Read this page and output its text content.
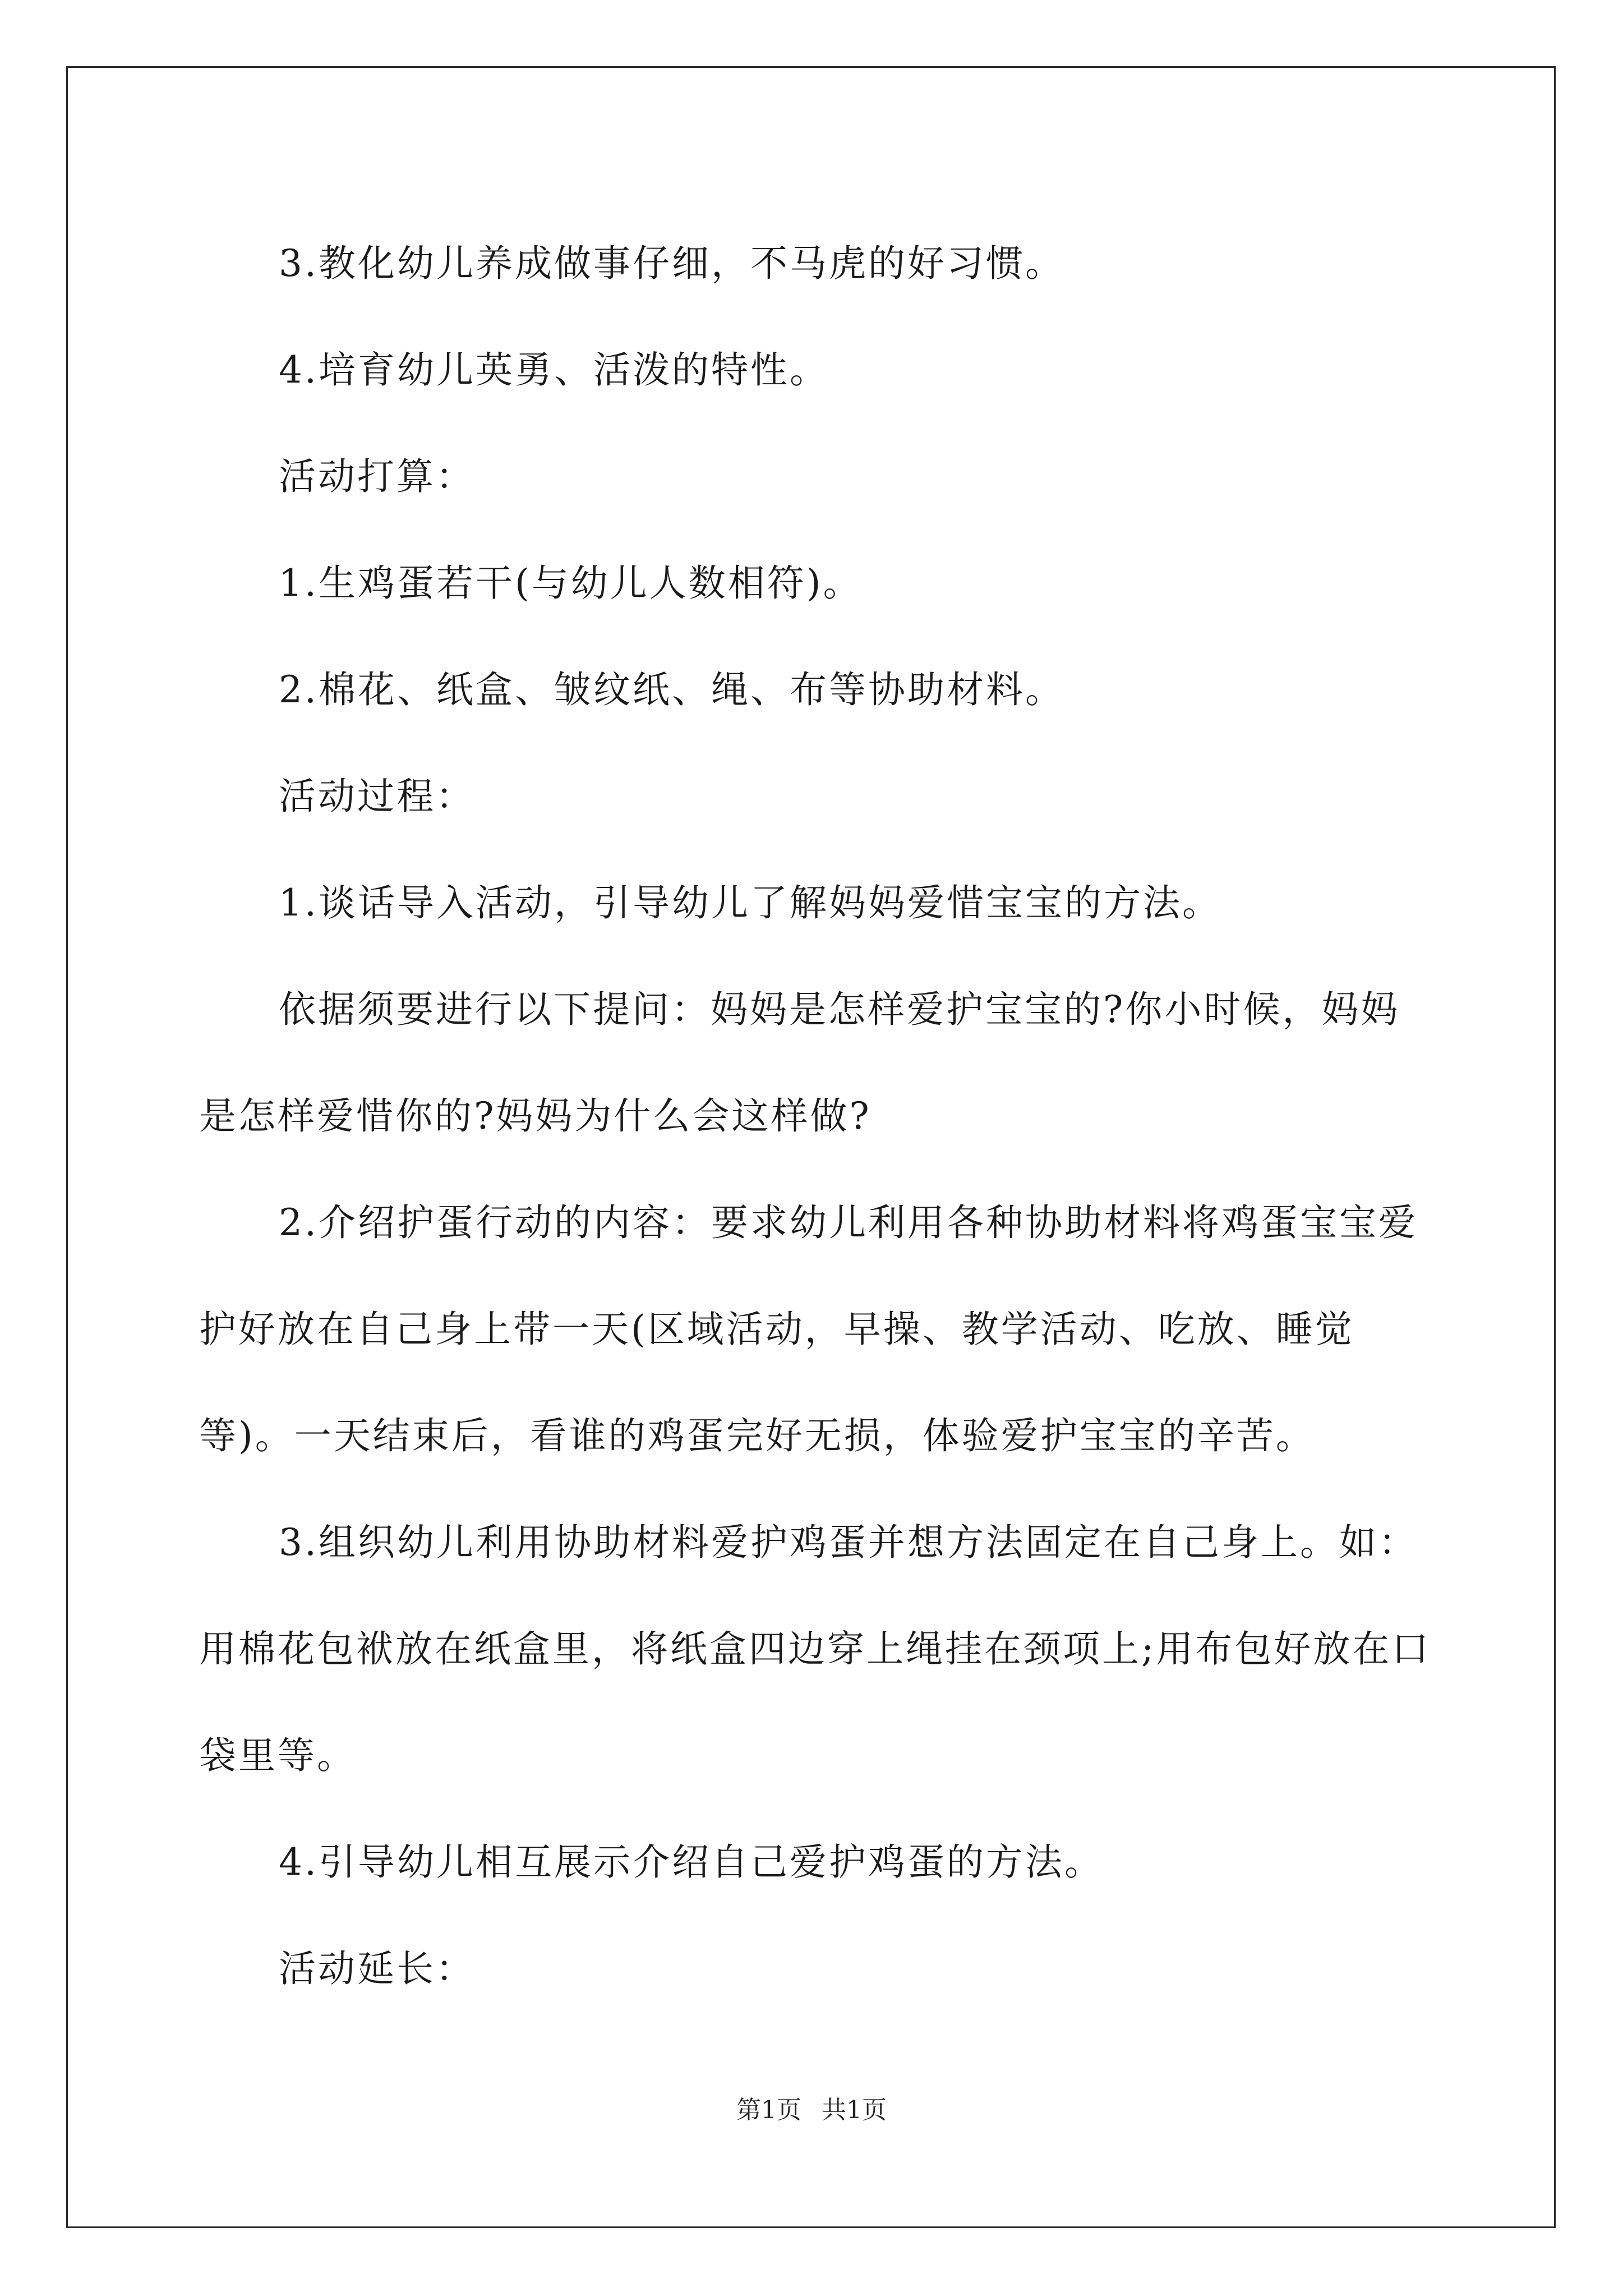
3.教化幼儿养成做事仔细，不马虎的好习惯。

4.培育幼儿英勇、活泼的特性。

活动打算：

1.生鸡蛋若干(与幼儿人数相符)。

2.棉花、纸盒、皱纹纸、绳、布等协助材料。

活动过程：

1.谈话导入活动，引导幼儿了解妈妈爱惜宝宝的方法。

依据须要进行以下提问：妈妈是怎样爱护宝宝的?你小时候，妈妈是怎样爱惜你的?妈妈为什么会这样做?

2.介绍护蛋行动的内容：要求幼儿利用各种协助材料将鸡蛋宝宝爱护好放在自己身上带一天(区域活动，早操、教学活动、吃放、睡觉等)。一天结束后，看谁的鸡蛋完好无损，体验爱护宝宝的辛苦。

3.组织幼儿利用协助材料爱护鸡蛋并想方法固定在自己身上。如：用棉花包袱放在纸盒里，将纸盒四边穿上绳挂在颈项上;用布包好放在口袋里等。

4.引导幼儿相互展示介绍自己爱护鸡蛋的方法。

活动延长：

第1页 共1页
